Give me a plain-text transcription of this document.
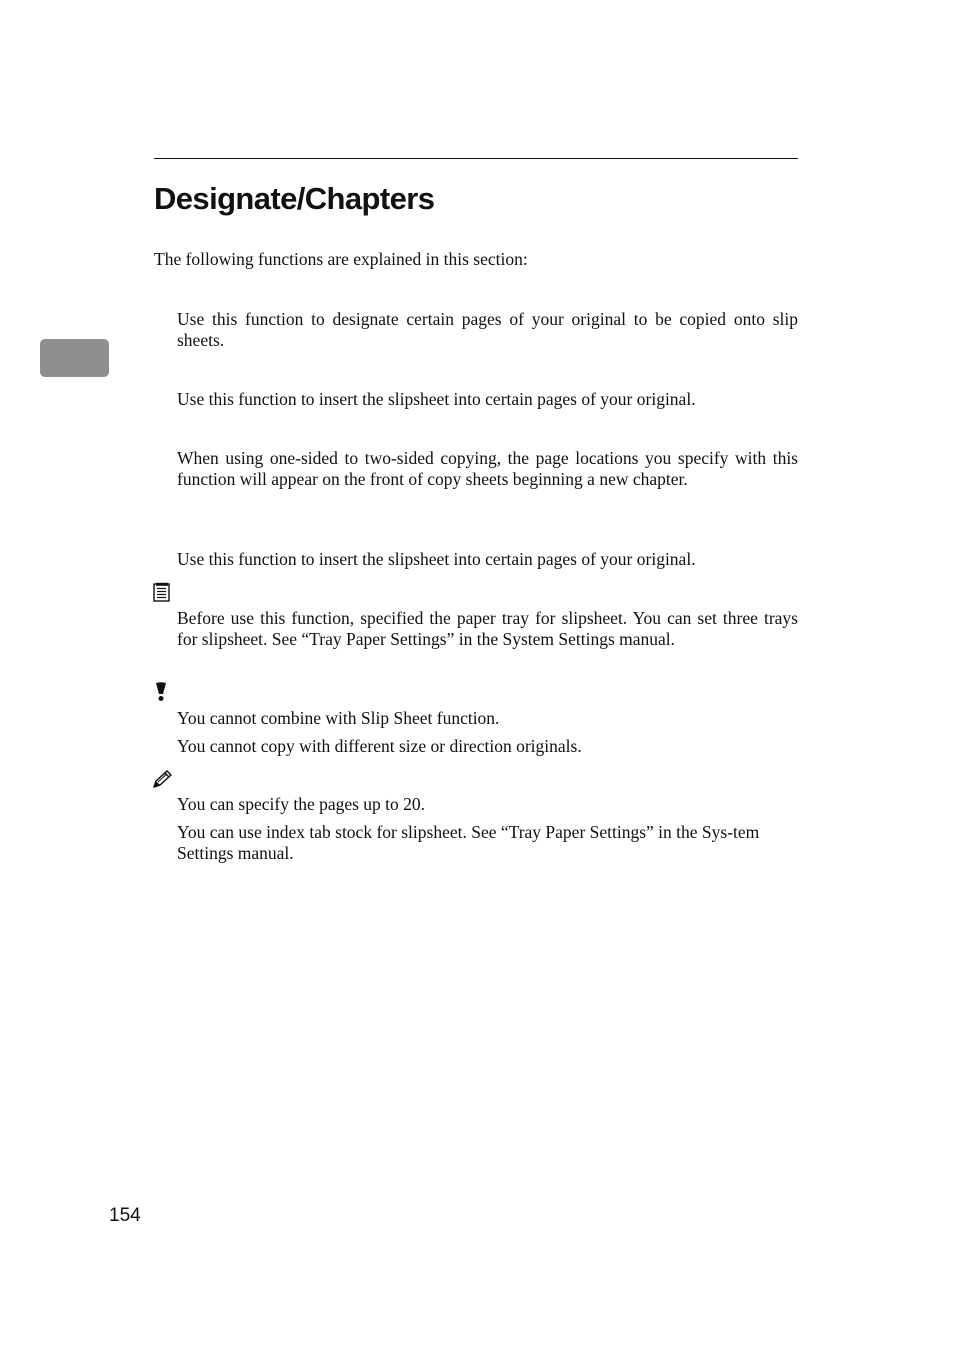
Designate/Chapters

The following functions are explained in this section:

Use this function to designate certain pages of your original to be copied onto slip sheets.

Use this function to insert the slipsheet into certain pages of your original.

When using one-sided to two-sided copying, the page locations you specify with this function will appear on the front of copy sheets beginning a new chapter.

Use this function to insert the slipsheet into certain pages of your original.

Before use this function, specified the paper tray for slipsheet. You can set three trays for slipsheet. See “Tray Paper Settings” in the System Settings manual.

You cannot combine with Slip Sheet function.

You cannot copy with different size or direction originals.

You can specify the pages up to 20.

You can use index tab stock for slipsheet. See “Tray Paper Settings” in the Sys-tem Settings manual.

154
